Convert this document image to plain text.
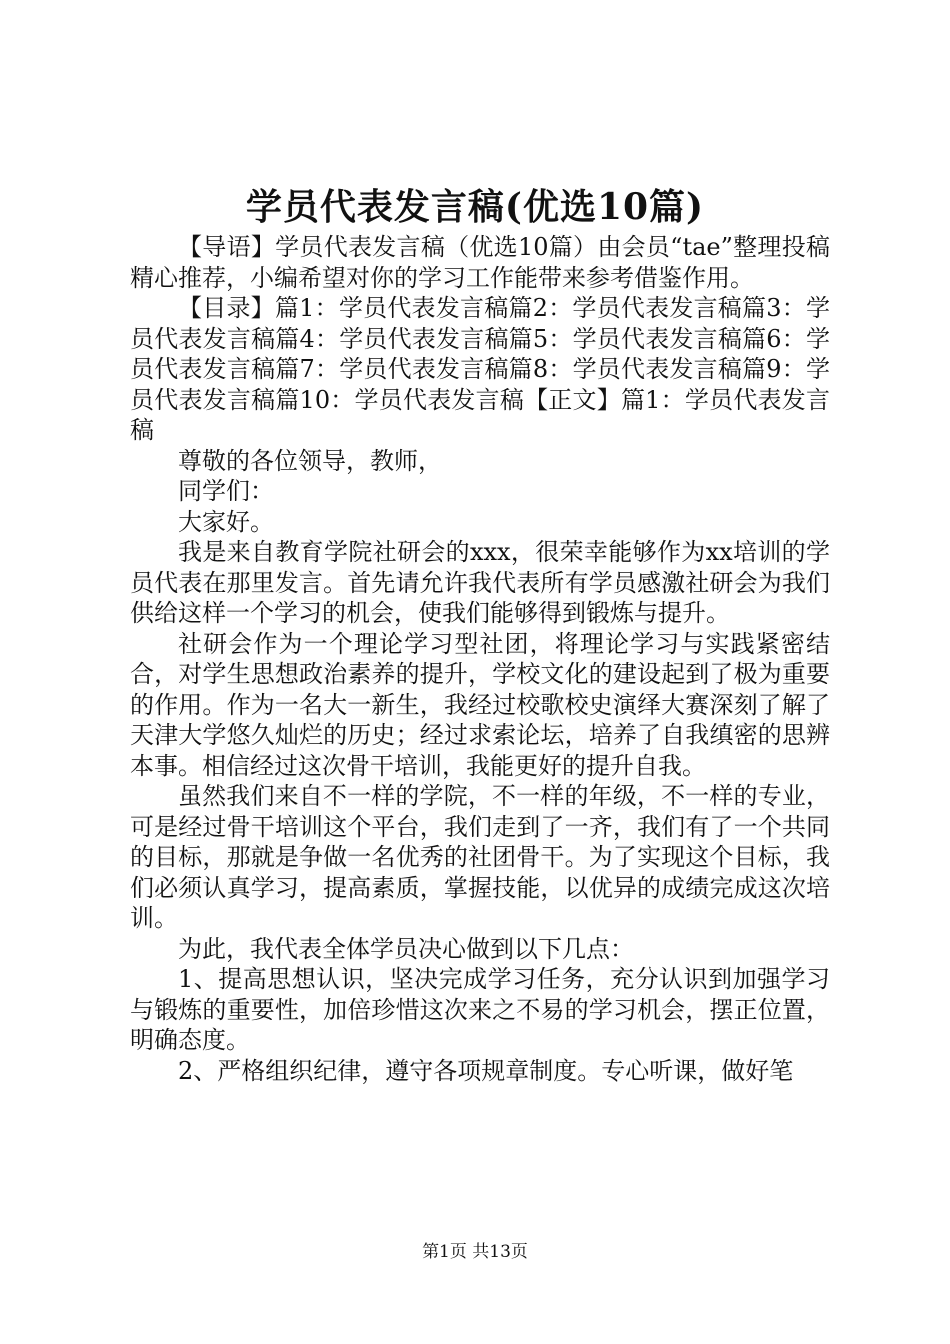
学员代表发言稿(优选10篇)

【导语】学员代表发言稿（优选10篇）由会员“tae”整理投稿精心推荐，小编希望对你的学习工作能带来参考借鉴作用。

【目录】篇1：学员代表发言稿篇2：学员代表发言稿篇3：学员代表发言稿篇4：学员代表发言稿篇5：学员代表发言稿篇6：学员代表发言稿篇7：学员代表发言稿篇8：学员代表发言稿篇9：学员代表发言稿篇10：学员代表发言稿【正文】篇1：学员代表发言稿

尊敬的各位领导，教师，

同学们：

大家好。

我是来自教育学院社研会的xxx，很荣幸能够作为xx培训的学员代表在那里发言。首先请允许我代表所有学员感激社研会为我们供给这样一个学习的机会，使我们能够得到锻炼与提升。

社研会作为一个理论学习型社团，将理论学习与实践紧密结合，对学生思想政治素养的提升，学校文化的建设起到了极为重要的作用。作为一名大一新生，我经过校歌校史演绎大赛深刻了解了天津大学悠久灿烂的历史；经过求索论坛，培养了自我缜密的思辨本事。相信经过这次骨干培训，我能更好的提升自我。

虽然我们来自不一样的学院，不一样的年级，不一样的专业，可是经过骨干培训这个平台，我们走到了一齐，我们有了一个共同的目标，那就是争做一名优秀的社团骨干。为了实现这个目标，我们必须认真学习，提高素质，掌握技能，以优异的成绩完成这次培训。

为此，我代表全体学员决心做到以下几点：

1、提高思想认识，坚决完成学习任务，充分认识到加强学习与锻炼的重要性，加倍珍惜这次来之不易的学习机会，摆正位置，明确态度。

2、严格组织纪律，遵守各项规章制度。专心听课，做好笔

第1页 共13页
